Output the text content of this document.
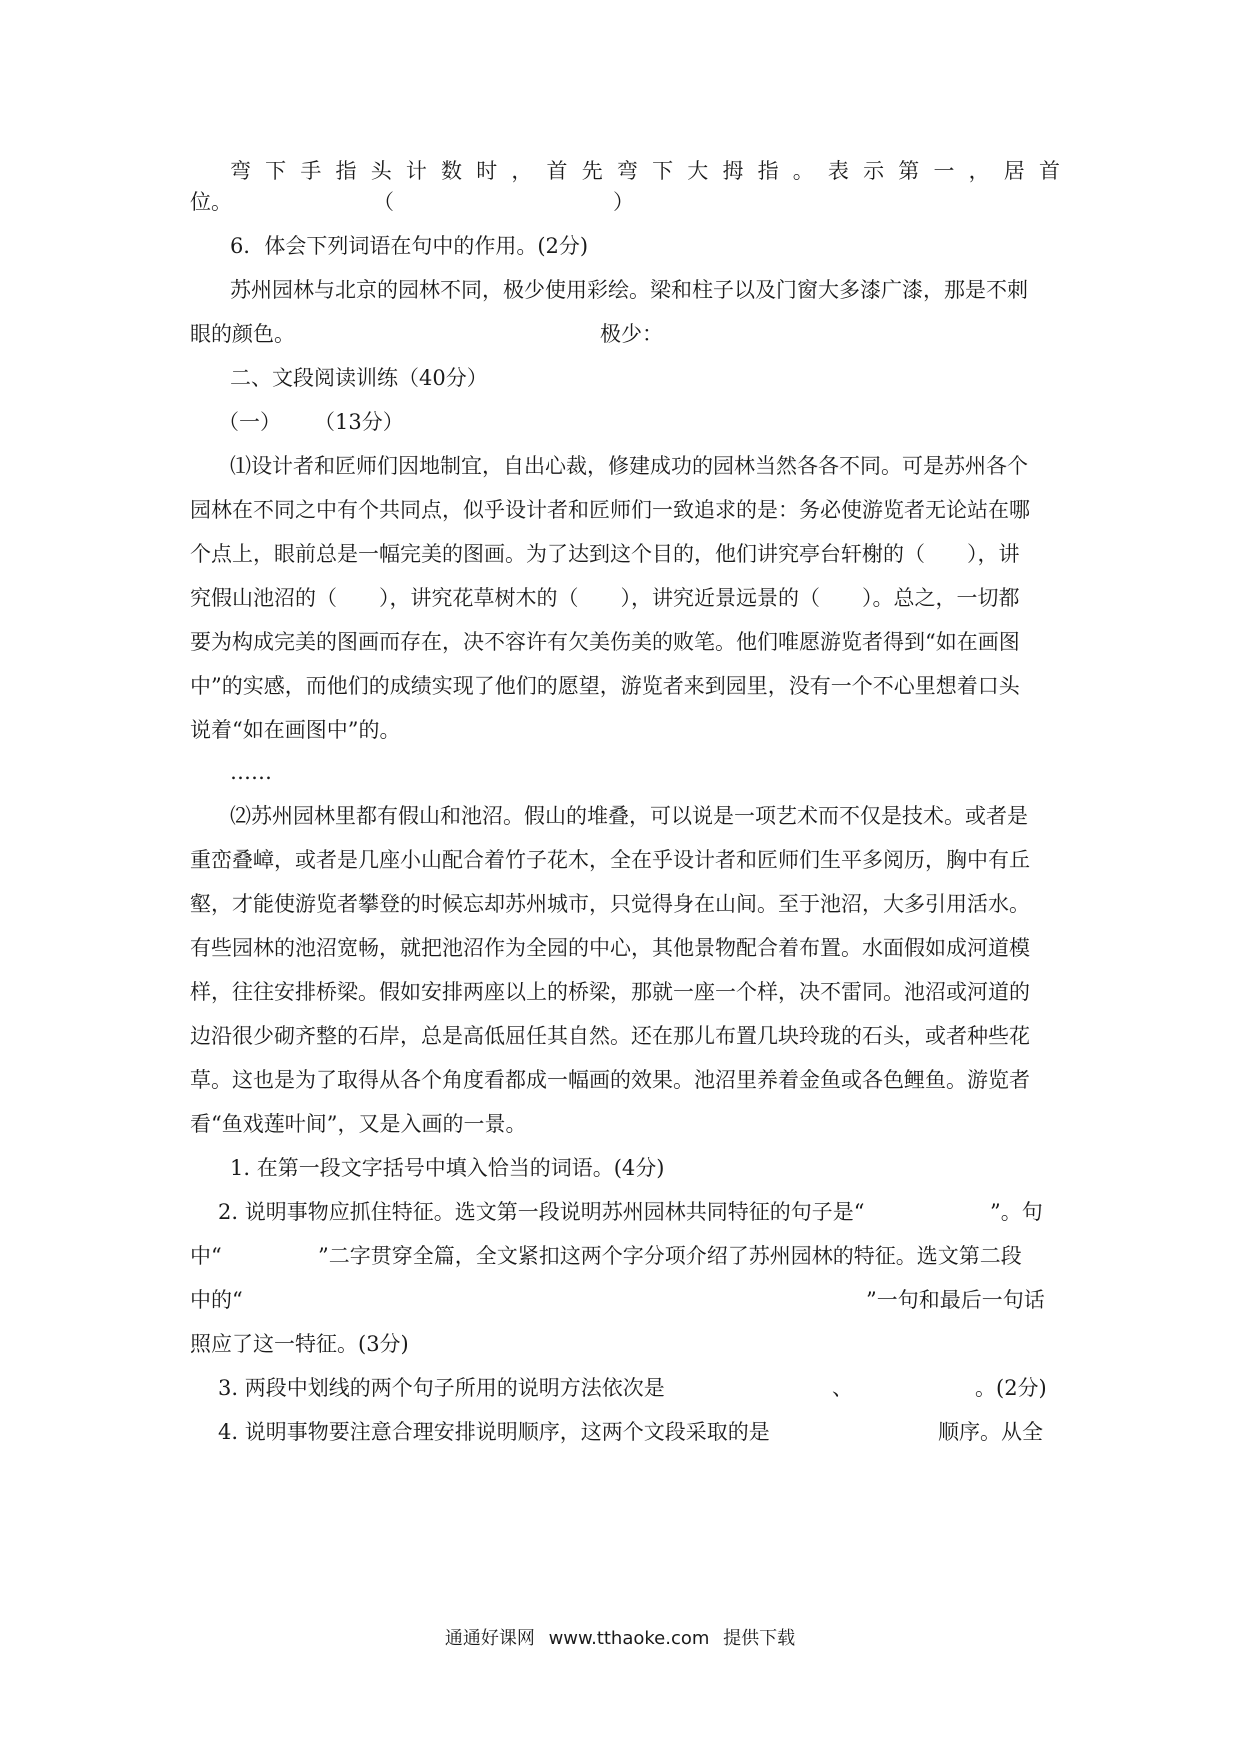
弯 下 手 指 头 计 数 时 ， 首 先 弯 下 大 拇 指 。 表 示 第 一 ， 居 首
位。	（	）
6．体会下列词语在句中的作用。(2分)
苏州园林与北京的园林不同，极少使用彩绘。梁和柱子以及门窗大多漆广漆，那是不刺
眼的颜色。	极少：
二、文段阅读训练（40分）
（一） （13分）
⑴设计者和匠师们因地制宜，自出心裁，修建成功的园林当然各各不同。可是苏州各个
园林在不同之中有个共同点，似乎设计者和匠师们一致追求的是：务必使游览者无论站在哪
个点上，眼前总是一幅完美的图画。为了达到这个目的，他们讲究亭台轩榭的（　　），讲
究假山池沼的（　　），讲究花草树木的（　　），讲究近景远景的（　　）。总之，一切都
要为构成完美的图画而存在，决不容许有欠美伤美的败笔。他们唯愿游览者得到“如在画图
中”的实感，而他们的成绩实现了他们的愿望，游览者来到园里，没有一个不心里想着口头
说着“如在画图中”的。
……
⑵苏州园林里都有假山和池沼。假山的堆叠，可以说是一项艺术而不仅是技术。或者是
重峦叠嶂，或者是几座小山配合着竹子花木，全在乎设计者和匠师们生平多阅历，胸中有丘
壑，才能使游览者攀登的时候忘却苏州城市，只觉得身在山间。至于池沼，大多引用活水。
有些园林的池沼宽畅，就把池沼作为全园的中心，其他景物配合着布置。水面假如成河道模
样，往往安排桥梁。假如安排两座以上的桥梁，那就一座一个样，决不雷同。池沼或河道的
边沿很少砌齐整的石岸，总是高低屈任其自然。还在那儿布置几块玲珑的石头，或者种些花
草。这也是为了取得从各个角度看都成一幅画的效果。池沼里养着金鱼或各色鲤鱼。游览者
看“鱼戏莲叶间”，又是入画的一景。
1. 在第一段文字括号中填入恰当的词语。(4分)
2. 说明事物应抓住特征。选文第一段说明苏州园林共同特征的句子是“	”。句
中“	”二字贯穿全篇，全文紧扣这两个字分项介绍了苏州园林的特征。选文第二段
中的“	”一句和最后一句话
照应了这一特征。(3分)
3. 两段中划线的两个句子所用的说明方法依次是	、	。(2分)
4. 说明事物要注意合理安排说明顺序，这两个文段采取的是	顺序。从全
通通好课网 www.tthaoke.com 提供下载
